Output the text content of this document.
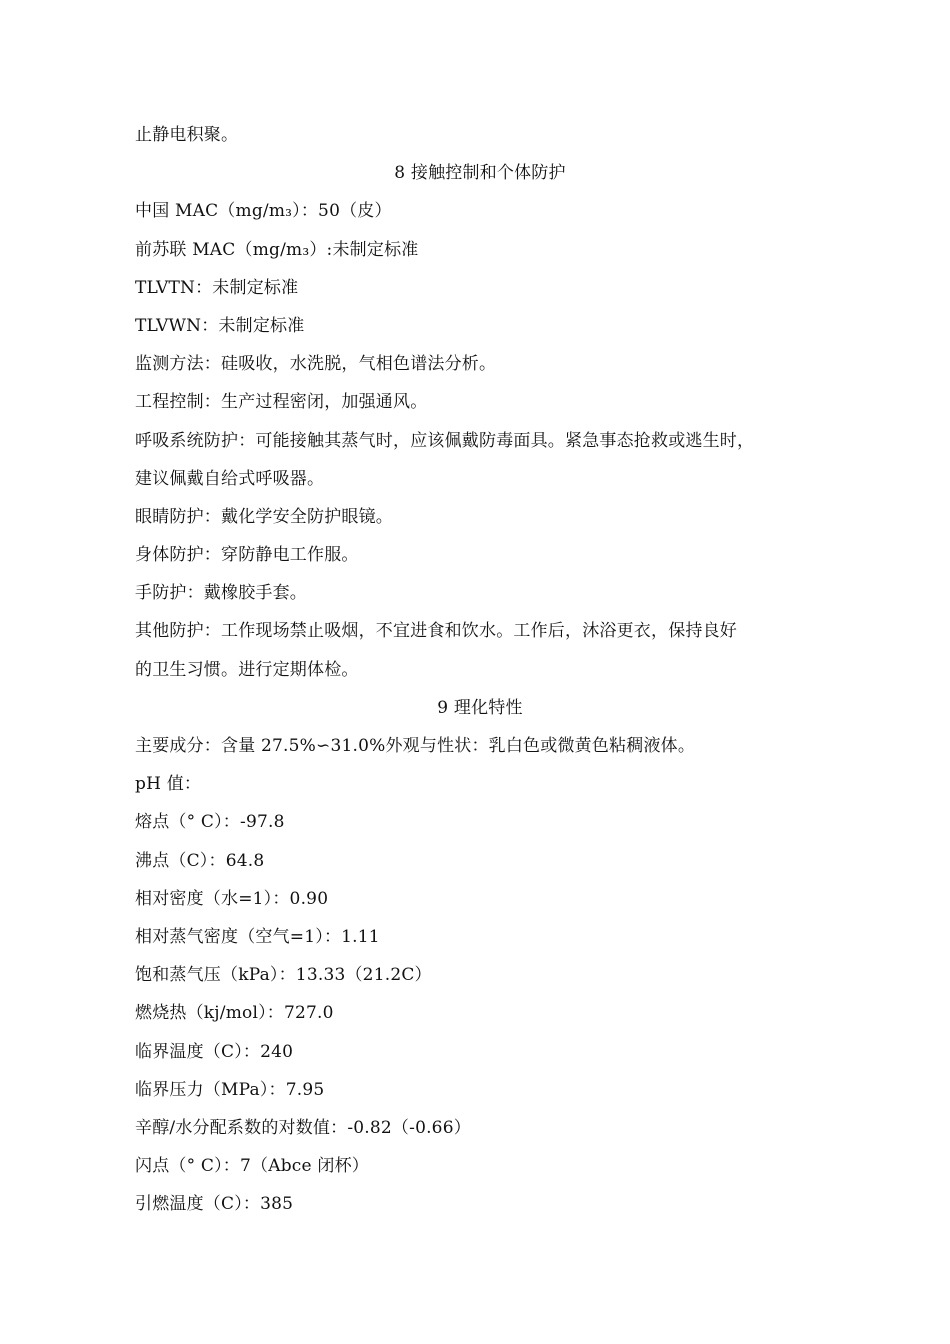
止静电积聚。
8 接触控制和个体防护
中国 MAC（mg/m₃）：50（皮）
前苏联 MAC（mg/m₃）:未制定标准
TLVTN：未制定标准
TLVWN：未制定标准
监测方法：硅吸收，水洗脱，气相色谱法分析。
工程控制：生产过程密闭，加强通风。
呼吸系统防护：可能接触其蒸气时，应该佩戴防毒面具。紧急事态抢救或逃生时，
建议佩戴自给式呼吸器。
眼睛防护：戴化学安全防护眼镜。
身体防护：穿防静电工作服。
手防护：戴橡胶手套。
其他防护：工作现场禁止吸烟，不宜进食和饮水。工作后，沐浴更衣，保持良好
的卫生习惯。进行定期体检。
9 理化特性
主要成分：含量 27.5%∽31.0%外观与性状：乳白色或微黄色粘稠液体。
pH 值：
熔点（° C）：-97.8
沸点（C）：64.8
相对密度（水=1）：0.90
相对蒸气密度（空气=1）：1.11
饱和蒸气压（kPa）：13.33（21.2C）
燃烧热（kj/mol）：727.0
临界温度（C）：240
临界压力（MPa）：7.95
辛醇/水分配系数的对数值：-0.82（-0.66）
闪点（° C）：7（Abce 闭杯）
引燃温度（C）：385
